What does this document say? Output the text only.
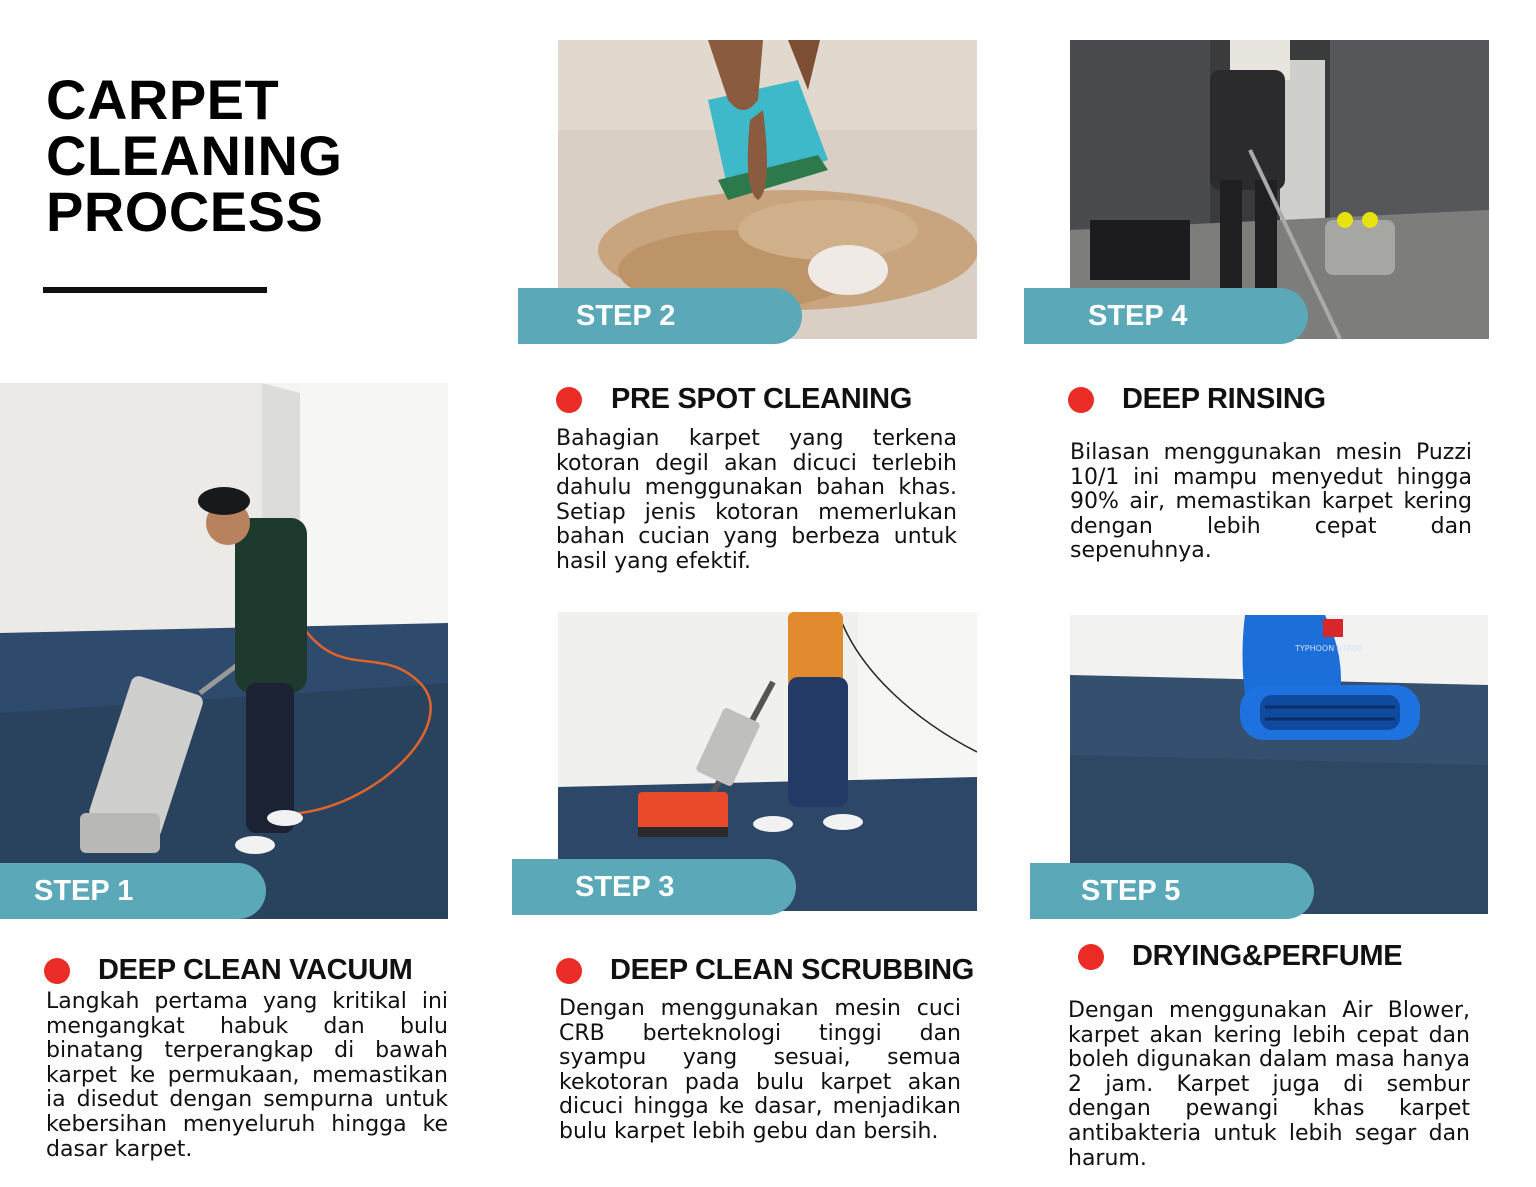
CARPET
CLEANING
PROCESS
STEP 1
DEEP CLEAN VACUUM

Langkah pertama yang kritikal ini mengangkat habuk dan bulu binatang terperangkap di bawah karpet ke permukaan, memastikan ia disedut dengan sempurna untuk kebersihan menyeluruh hingga ke dasar karpet.

STEP 2
PRE SPOT CLEANING

Bahagian karpet yang terkena kotoran degil akan dicuci terlebih dahulu menggunakan bahan khas. Setiap jenis kotoran memerlukan bahan cucian yang berbeza untuk hasil yang efektif.

STEP 3
DEEP CLEAN SCRUBBING

Dengan menggunakan mesin cuci CRB berteknologi tinggi dan syampu yang sesuai, semua kekotoran pada bulu karpet akan dicuci hingga ke dasar, menjadikan bulu karpet lebih gebu dan bersih.

STEP 4
DEEP RINSING

Bilasan menggunakan mesin Puzzi 10/1 ini mampu menyedut hingga 90% air, memastikan karpet kering dengan lebih cepat dan sepenuhnya.

TYPHOON ST808
STEP 5
DRYING&PERFUME

Dengan menggunakan Air Blower, karpet akan kering lebih cepat dan boleh digunakan dalam masa hanya 2 jam. Karpet juga di sembur dengan pewangi khas karpet antibakteria untuk lebih segar dan harum.
